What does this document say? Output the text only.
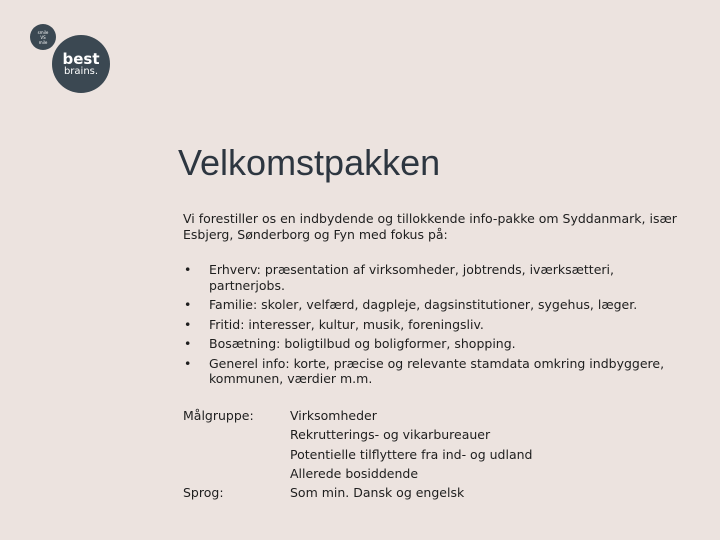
smile
VS
mile
best
brains.
Velkomstpakken

Vi forestiller os en indbydende og tillokkende info-pakke om Syddanmark, især Esbjerg, Sønderborg og Fyn med fokus på:

• Erhverv: præsentation af virksomheder, jobtrends, iværksætteri, partnerjobs.
• Familie: skoler, velfærd, dagpleje, dagsinstitutioner, sygehus, læger.
• Fritid: interesser, kultur, musik, foreningsliv.
• Bosætning: boligtilbud og boligformer, shopping.
• Generel info: korte, præcise og relevante stamdata omkring indbyggere, kommunen, værdier m.m.
Målgruppe:	Virksomheder
Rekrutterings- og vikarbureauer
Potentielle tilflyttere fra ind- og udland
Allerede bosiddende
Som min. Dansk og engelsk
Sprog:
